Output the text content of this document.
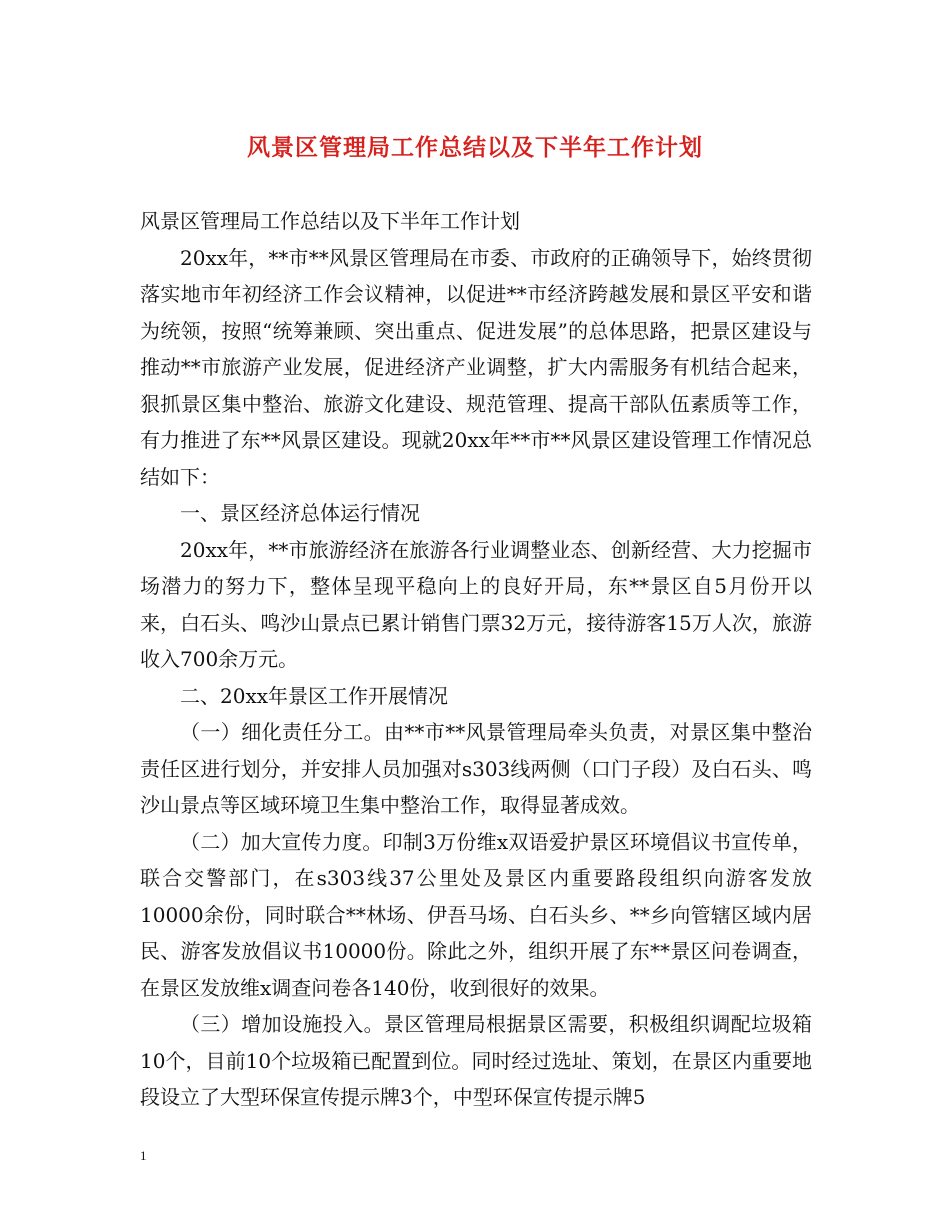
风景区管理局工作总结以及下半年工作计划

风景区管理局工作总结以及下半年工作计划

20xx年，**市**风景区管理局在市委、市政府的正确领导下，始终贯彻落实地市年初经济工作会议精神，以促进**市经济跨越发展和景区平安和谐为统领，按照“统筹兼顾、突出重点、促进发展”的总体思路，把景区建设与推动**市旅游产业发展，促进经济产业调整，扩大内需服务有机结合起来，狠抓景区集中整治、旅游文化建设、规范管理、提高干部队伍素质等工作，有力推进了东**风景区建设。现就20xx年**市**风景区建设管理工作情况总结如下：

一、景区经济总体运行情况

20xx年，**市旅游经济在旅游各行业调整业态、创新经营、大力挖掘市场潜力的努力下，整体呈现平稳向上的良好开局，东**景区自5月份开以来，白石头、鸣沙山景点已累计销售门票32万元，接待游客15万人次，旅游收入700余万元。

二、20xx年景区工作开展情况

（一）细化责任分工。由**市**风景管理局牵头负责，对景区集中整治责任区进行划分，并安排人员加强对s303线两侧（口门子段）及白石头、鸣沙山景点等区域环境卫生集中整治工作，取得显著成效。

（二）加大宣传力度。印制3万份维x双语爱护景区环境倡议书宣传单，联合交警部门，在s303线37公里处及景区内重要路段组织向游客发放10000余份，同时联合**林场、伊吾马场、白石头乡、**乡向管辖区域内居民、游客发放倡议书10000份。除此之外，组织开展了东**景区问卷调查，在景区发放维x调查问卷各140份，收到很好的效果。

（三）增加设施投入。景区管理局根据景区需要，积极组织调配垃圾箱10个，目前10个垃圾箱已配置到位。同时经过选址、策划，在景区内重要地段设立了大型环保宣传提示牌3个，中型环保宣传提示牌5

1
